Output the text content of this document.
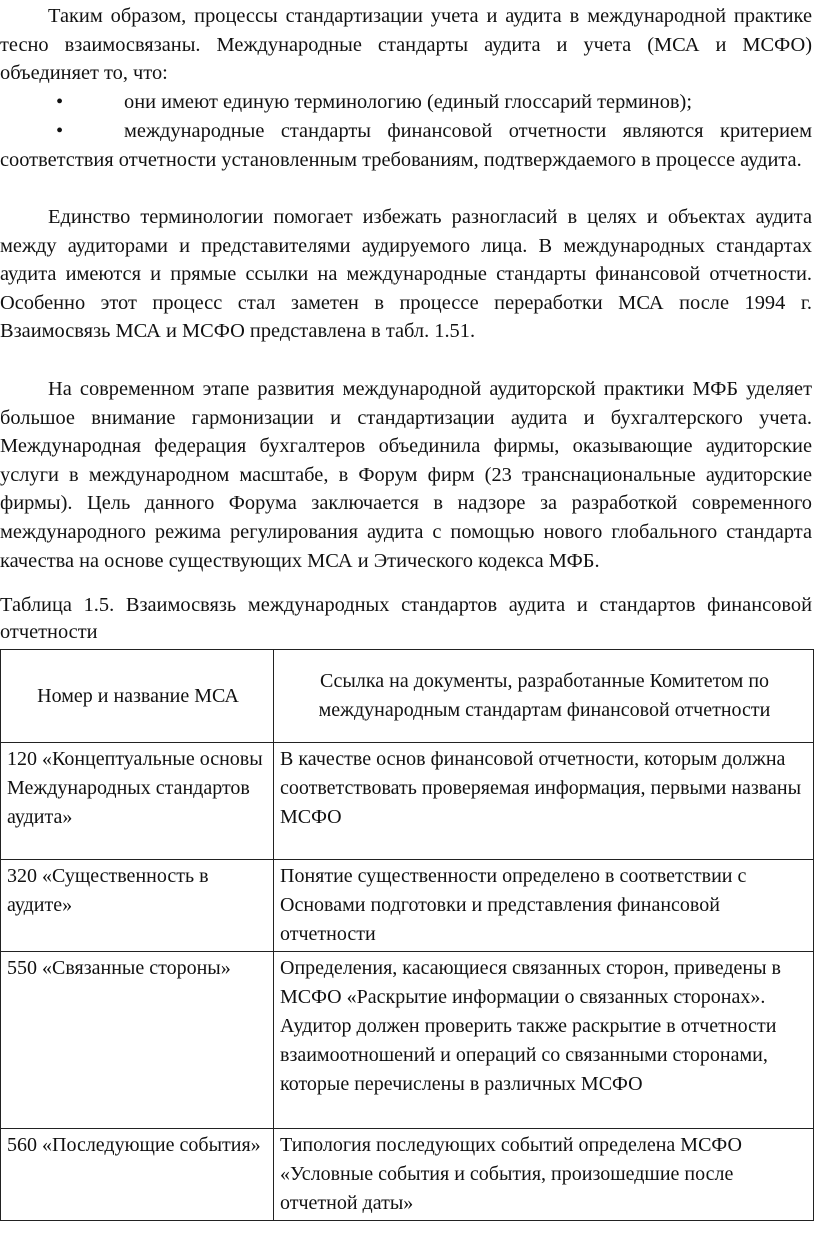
Таким образом, процессы стандартизации учета и аудита в международной практике тесно взаимосвязаны. Международные стандарты аудита и учета (МСА и МСФО) объединяет то, что:

•	они имеют единую терминологию (единый глоссарий терминов);
•	международные стандарты финансовой отчетности являются критерием соответствия отчетности установленным требованиям, подтверждаемого в процессе аудита.

Единство терминологии помогает избежать разногласий в целях и объектах аудита между аудиторами и представителями аудируемого лица. В международных стандартах аудита имеются и прямые ссылки на международные стандарты финансовой отчетности. Особенно этот процесс стал заметен в процессе переработки МСА после 1994 г. Взаимосвязь МСА и МСФО представлена в табл. 1.51.

На современном этапе развития международной аудиторской практики МФБ уделяет большое внимание гармонизации и стандартизации аудита и бухгалтерского учета. Международная федерация бухгалтеров объединила фирмы, оказывающие аудиторские услуги в международном масштабе, в Форум фирм (23 транснациональные аудиторские фирмы). Цель данного Форума заключается в надзоре за разработкой современного международного режима регулирования аудита с помощью нового глобального стандарта качества на основе существующих МСА и Этического кодекса МФБ.

Таблица 1.5. Взаимосвязь международных стандартов аудита и стандартов финансовой отчетности

Номер и название МСА	Ссылка на документы, разработанные Комитетом по международным стандартам финансовой отчетности
120 «Концептуальные основы Международных стандартов аудита»	В качестве основ финансовой отчетности, которым должна соответствовать проверяемая информация, первыми названы МСФО
320 «Существенность в аудите»	Понятие существенности определено в соответствии с Основами подготовки и представления финансовой отчетности
550 «Связанные стороны»	Определения, касающиеся связанных сторон, приведены в МСФО «Раскрытие информации о связанных сторонах». Аудитор должен проверить также раскрытие в отчетности взаимоотношений и операций со связанными сторонами, которые перечислены в различных МСФО
560 «Последующие события»	Типология последующих событий определена МСФО «Условные события и события, произошедшие после отчетной даты»
